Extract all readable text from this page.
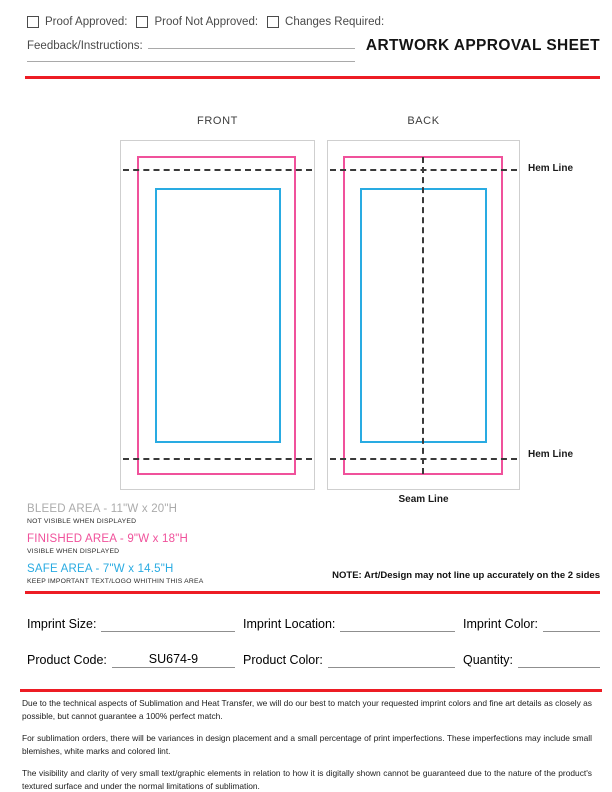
Proof Approved: Proof Not Approved: Changes Required:
Feedback/Instructions:	ARTWORK APPROVAL SHEET
FRONT	BACK
Hem Line
Hem Line
Seam Line
BLEED AREA - 11"W x 20"H
NOT VISIBLE WHEN DISPLAYED
FINISHED AREA - 9"W x 18"H
VISIBLE WHEN DISPLAYED
SAFE AREA - 7"W x 14.5"H
KEEP IMPORTANT TEXT/LOGO WHITHIN THIS AREA
NOTE: Art/Design may not line up accurately on the 2 sides
Imprint Size:	Imprint Location:	Imprint Color:
Product Code:	SU674-9	Product Color:	Quantity:

Due to the technical aspects of Sublimation and Heat Transfer, we will do our best to match your requested imprint colors and fine art details as closely as possible, but cannot guarantee a 100% perfect match.

For sublimation orders, there will be variances in design placement and a small percentage of print imperfections. These imperfections may include small blemishes, white marks and colored lint.

The visibility and clarity of very small text/graphic elements in relation to how it is digitally shown cannot be guaranteed due to the nature of the product's textured surface and under the normal limitations of sublimation.
